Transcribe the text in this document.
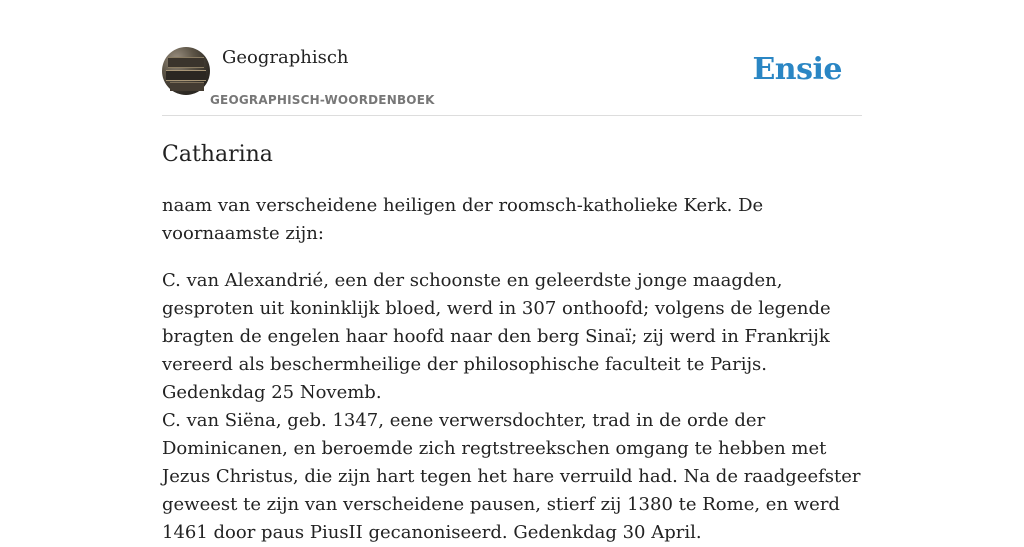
Geographisch
GEOGRAPHISCH-WOORDENBOEK
Ensie
Catharina

naam van verscheidene heiligen der roomsch-katholieke Kerk. De voornaamste zijn:

C. van Alexandrié, een der schoonste en geleerdste jonge maagden, gesproten uit koninklijk bloed, werd in 307 onthoofd; volgens de legende bragten de engelen haar hoofd naar den berg Sinaï; zij werd in Frankrijk vereerd als beschermheilige der philosophische faculteit te Parijs. Gedenkdag 25 Novemb.

C. van Siëna, geb. 1347, eene verwersdochter, trad in de orde der Dominicanen, en beroemde zich regtstreekschen omgang te hebben met Jezus Christus, die zijn hart tegen het hare verruild had. Na de raadgeefster geweest te zijn van verscheidene pausen, stierf zij 1380 te Rome, en werd 1461 door paus PiusII gecanoniseerd. Gedenkdag 30 April.
